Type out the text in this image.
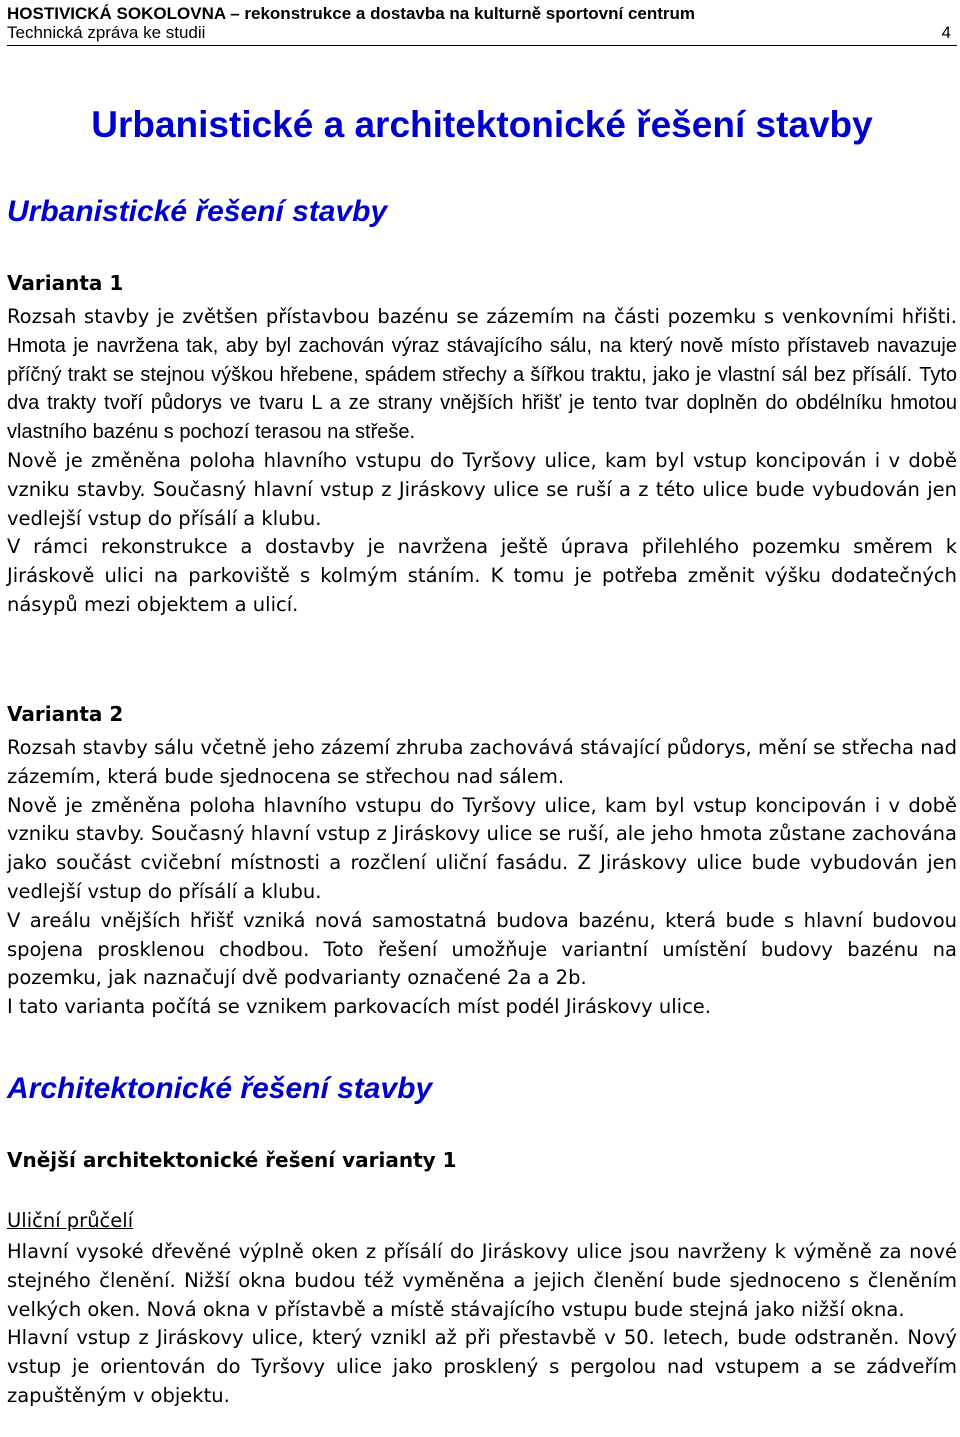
HOSTIVICKÁ SOKOLOVNA – rekonstrukce a dostavba na kulturně sportovní centrum
Technická zpráva ke studii	4
Urbanistické a architektonické řešení stavby
Urbanistické řešení stavby
Varianta 1

Rozsah stavby je zvětšen přístavbou bazénu se zázemím na části pozemku s venkovními hřišti. Hmota je navržena tak, aby byl zachován výraz stávajícího sálu, na který nově místo přístaveb navazuje příčný trakt se stejnou výškou hřebene, spádem střechy a šířkou traktu, jako je vlastní sál bez přísálí. Tyto dva trakty tvoří půdorys ve tvaru L a ze strany vnějších hřišť je tento tvar doplněn do obdélníku hmotou vlastního bazénu s pochozí terasou na střeše.

Nově je změněna poloha hlavního vstupu do Tyršovy ulice, kam byl vstup koncipován i v době vzniku stavby. Současný hlavní vstup z Jiráskovy ulice se ruší a z této ulice bude vybudován jen vedlejší vstup do přísálí a klubu.

V rámci rekonstrukce a dostavby je navržena ještě úprava přilehlého pozemku směrem k Jiráskově ulici na parkoviště s kolmým stáním. K tomu je potřeba změnit výšku dodatečných násypů mezi objektem a ulicí.

Varianta 2

Rozsah stavby sálu včetně jeho zázemí zhruba zachovává stávající půdorys, mění se střecha nad zázemím, která bude sjednocena se střechou nad sálem.

Nově je změněna poloha hlavního vstupu do Tyršovy ulice, kam byl vstup koncipován i v době vzniku stavby. Současný hlavní vstup z Jiráskovy ulice se ruší, ale jeho hmota zůstane zachována jako součást cvičební místnosti a rozčlení uliční fasádu. Z Jiráskovy ulice bude vybudován jen vedlejší vstup do přísálí a klubu.

V areálu vnějších hřišť vzniká nová samostatná budova bazénu, která bude s hlavní budovou spojena prosklenou chodbou. Toto řešení umožňuje variantní umístění budovy bazénu na pozemku, jak naznačují dvě podvarianty označené 2a a 2b.

I tato varianta počítá se vznikem parkovacích míst podél Jiráskovy ulice.

Architektonické řešení stavby
Vnější architektonické řešení varianty 1
Uliční průčelí

Hlavní vysoké dřevěné výplně oken z přísálí do Jiráskovy ulice jsou navrženy k výměně za nové stejného členění. Nižší okna budou též vyměněna a jejich členění bude sjednoceno s členěním velkých oken. Nová okna v přístavbě a místě stávajícího vstupu bude stejná jako nižší okna.

Hlavní vstup z Jiráskovy ulice, který vznikl až při přestavbě v 50. letech, bude odstraněn. Nový vstup je orientován do Tyršovy ulice jako prosklený s pergolou nad vstupem a se zádveřím zapuštěným v objektu.
